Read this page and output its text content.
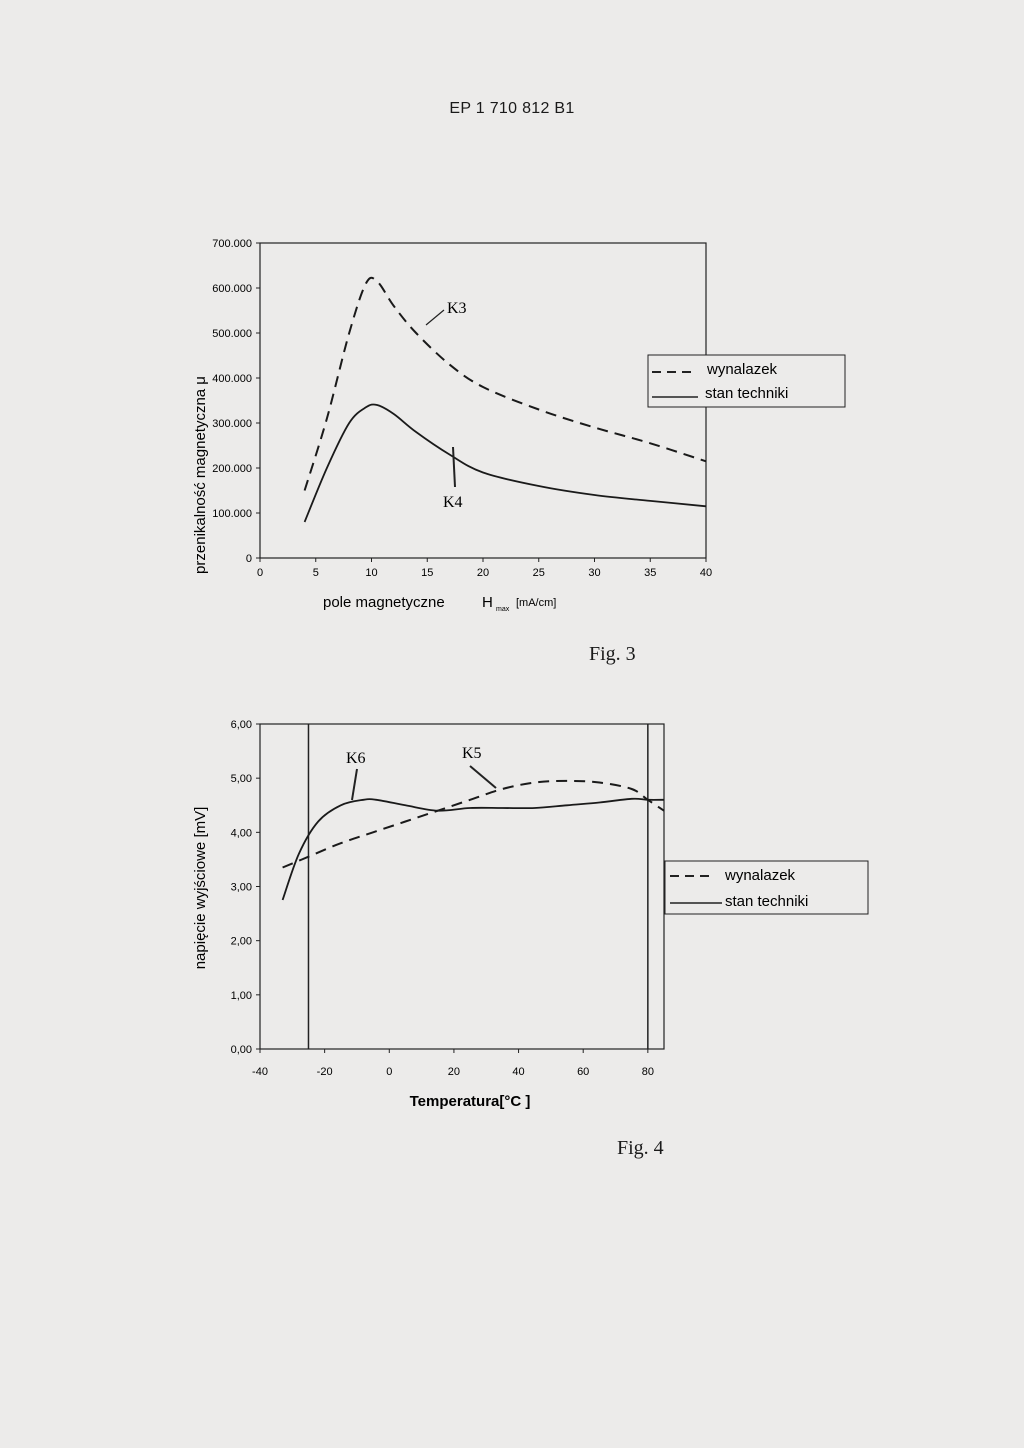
EP 1 710 812 B1
0
100.000
200.000
300.000
400.000
500.000
600.000
700.000
0	5	10	15	20	25	30	35	40
przenikalność magnetyczna μ
pole magnetyczne H max
[mA/cm]
K3
K4
wynalazek
stan techniki
Fig. 3
0,00
1,00
2,00
3,00
4,00
5,00
6,00
-40	-20	0	20	40	60	80
napięcie wyjściowe [mV]
Temperatura[°C ]
K6	K5
wynalazek
stan techniki
Fig. 4
